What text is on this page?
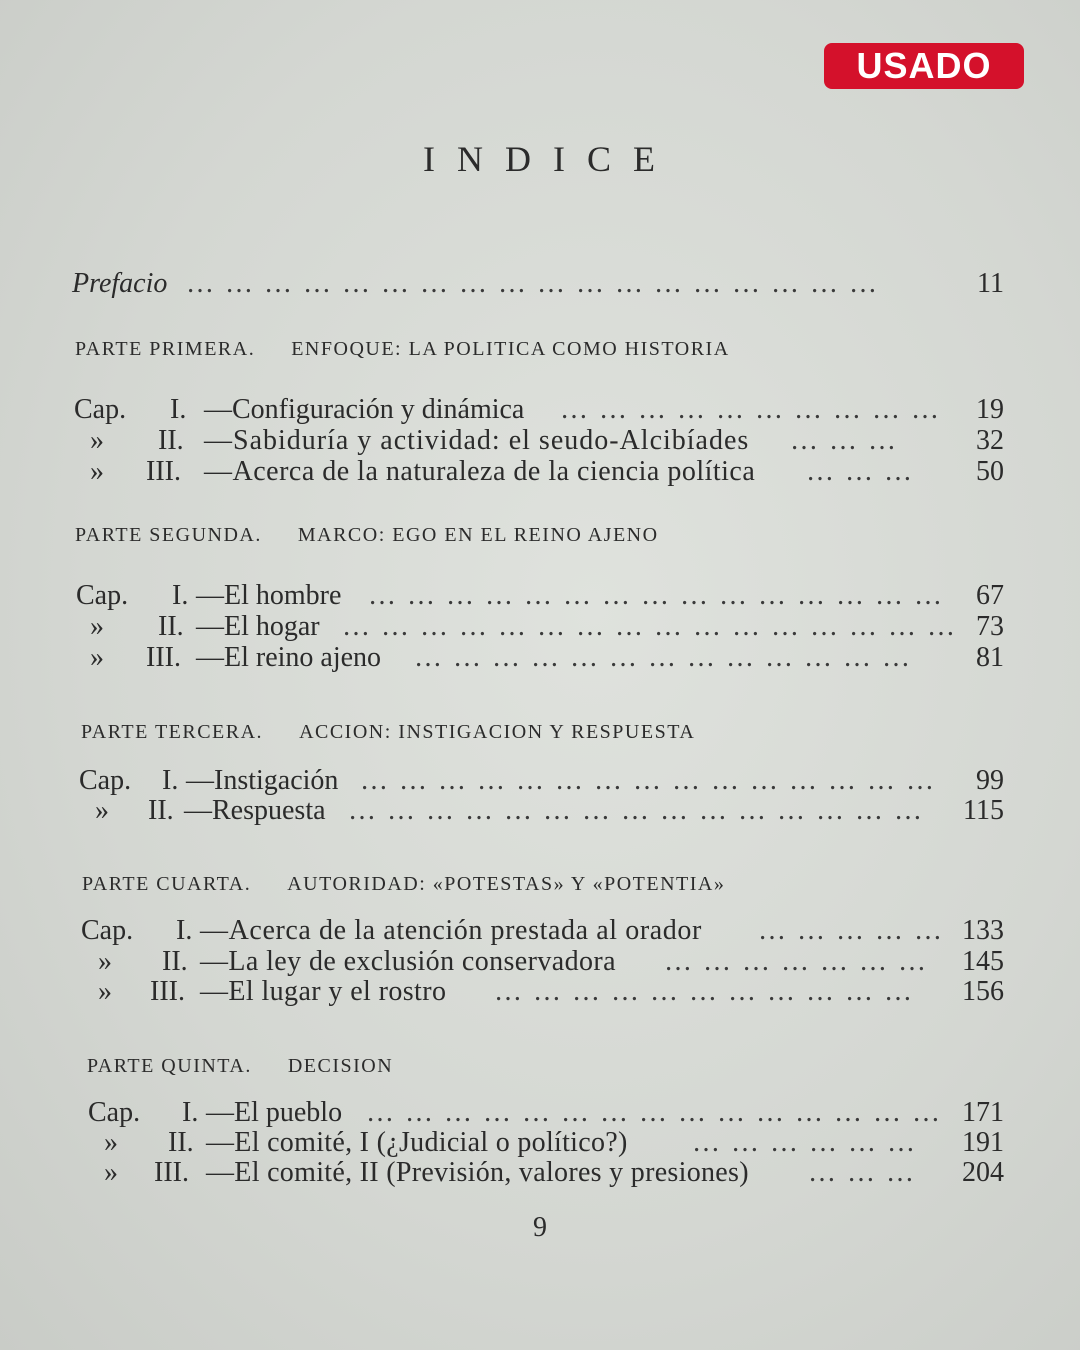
USADO
INDICE
Prefacio … … … … … … … … … … … … … … … … … …	11
PARTE PRIMERA. ENFOQUE: LA POLITICA COMO HISTORIA
Cap. I. —Configuración y dinámica … … … … … … … … … …	19
» II. —Sabiduría y actividad: el seudo-Alcibíades … … …	32
» III. —Acerca de la naturaleza de la ciencia política … … …	50
PARTE SEGUNDA. MARCO: EGO EN EL REINO AJENO
Cap. I. —El hombre … … … … … … … … … … … … … … …	67
» II. —El hogar … … … … … … … … … … … … … … … … 73
» III. —El reino ajeno … … … … … … … … … … … … …	81
PARTE TERCERA. ACCION: INSTIGACION Y RESPUESTA
Cap. I. —Instigación … … … … … … … … … … … … … … …	99
» II. —Respuesta … … … … … … … … … … … … … … …	115
PARTE CUARTA. AUTORIDAD: «POTESTAS» Y «POTENTIA»
Cap. I. —Acerca de la atención prestada al orador … … … … … 133
» II. —La ley de exclusión conservadora … … … … … … …	145
» III. —El lugar y el rostro … … … … … … … … … … …	156
PARTE QUINTA. DECISION
Cap. I. —El pueblo … … … … … … … … … … … … … … … 171
» II. —El comité, I (¿Judicial o político?) … … … … … …	191
» III. —El comité, II (Previsión, valores y presiones) … … …	204
9
